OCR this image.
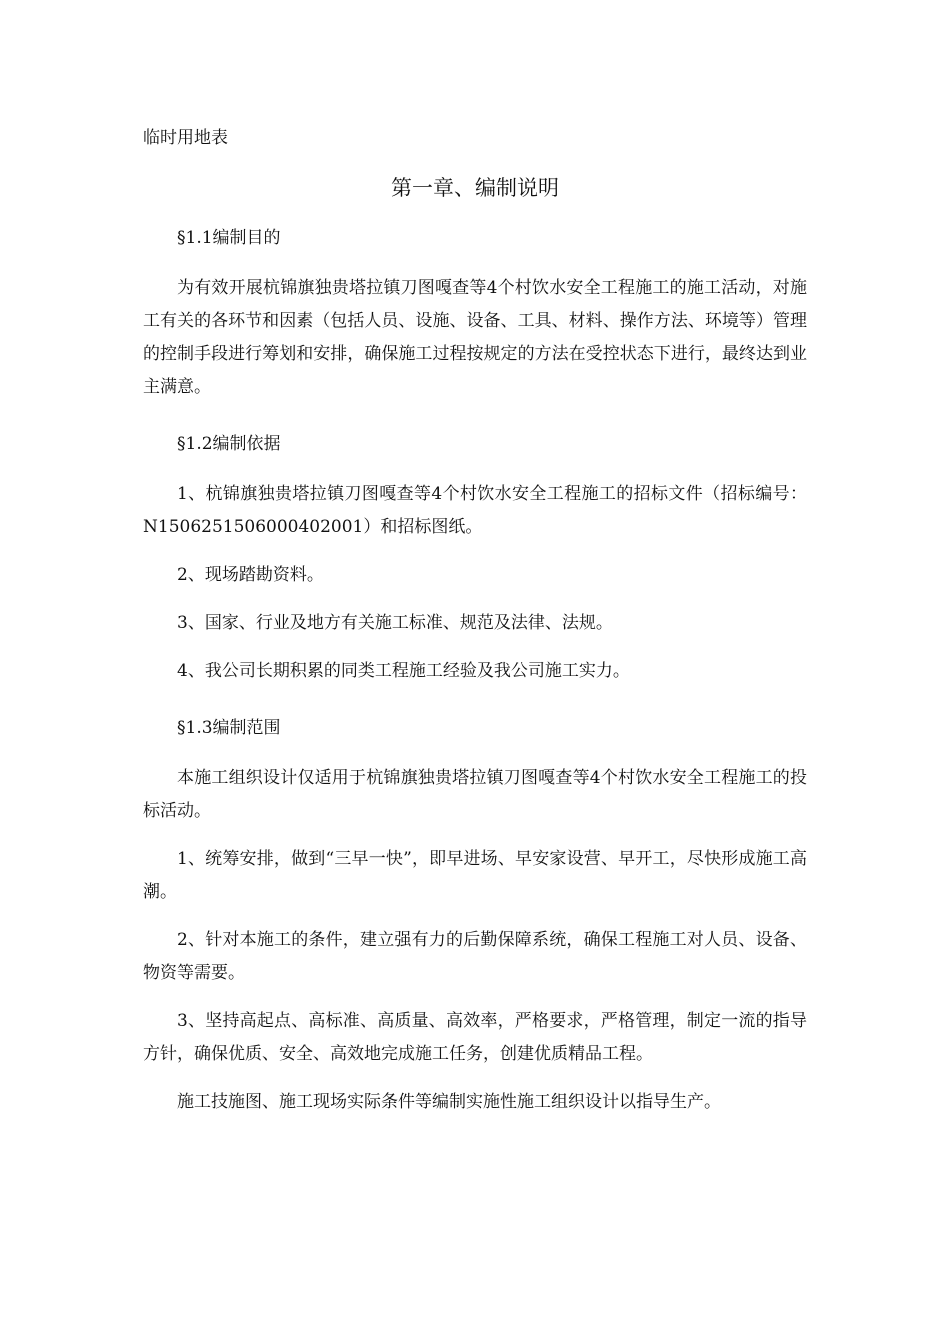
临时用地表

第一章、编制说明

§1.1编制目的

为有效开展杭锦旗独贵塔拉镇刀图嘎查等4个村饮水安全工程施工的施工活动，对施工有关的各环节和因素（包括人员、设施、设备、工具、材料、操作方法、环境等）管理的控制手段进行筹划和安排，确保施工过程按规定的方法在受控状态下进行，最终达到业主满意。

§1.2编制依据

1、杭锦旗独贵塔拉镇刀图嘎查等4个村饮水安全工程施工的招标文件（招标编号：N1506251506000402001）和招标图纸。

2、现场踏勘资料。

3、国家、行业及地方有关施工标准、规范及法律、法规。

4、我公司长期积累的同类工程施工经验及我公司施工实力。

§1.3编制范围

本施工组织设计仅适用于杭锦旗独贵塔拉镇刀图嘎查等4个村饮水安全工程施工的投标活动。

1、统筹安排，做到“三早一快”，即早进场、早安家设营、早开工，尽快形成施工高潮。

2、针对本施工的条件，建立强有力的后勤保障系统，确保工程施工对人员、设备、物资等需要。

3、坚持高起点、高标准、高质量、高效率，严格要求，严格管理，制定一流的指导方针，确保优质、安全、高效地完成施工任务，创建优质精品工程。

施工技施图、施工现场实际条件等编制实施性施工组织设计以指导生产。
